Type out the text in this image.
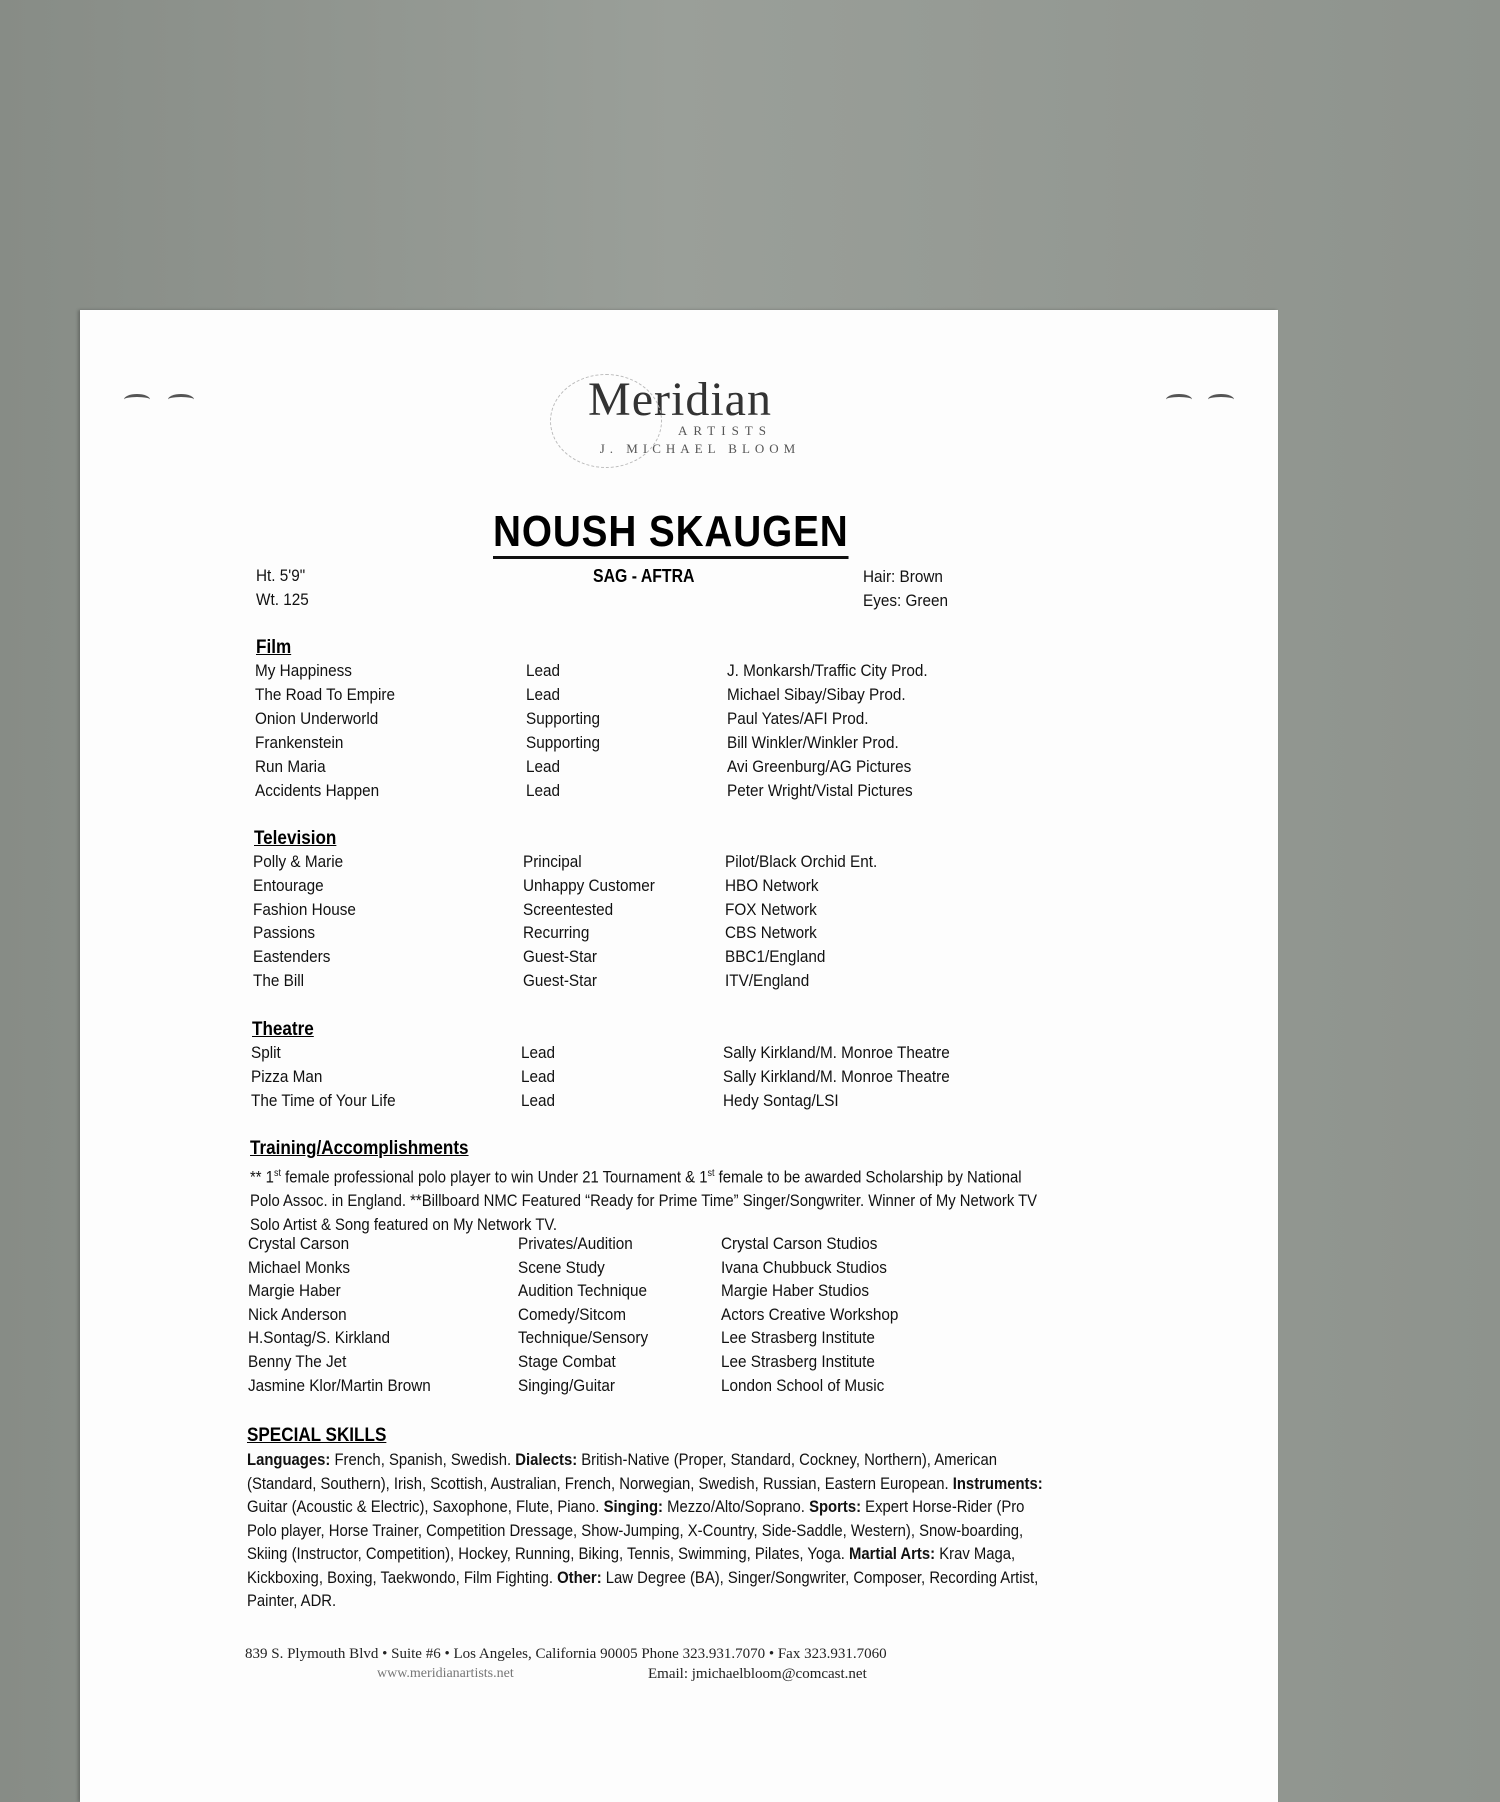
Meridian
ARTISTS
J. MICHAEL BLOOM
NOUSH SKAUGEN
SAG - AFTRA
Ht. 5'9"
Wt. 125
Hair: Brown
Eyes: Green
Film
My Happiness	Lead	J. Monkarsh/Traffic City Prod.
The Road To Empire	Lead	Michael Sibay/Sibay Prod.
Onion Underworld	Supporting	Paul Yates/AFI Prod.
Frankenstein	Supporting	Bill Winkler/Winkler Prod.
Run Maria	Lead	Avi Greenburg/AG Pictures
Accidents Happen	Lead	Peter Wright/Vistal Pictures
Television
Polly & Marie	Principal	Pilot/Black Orchid Ent.
Entourage	Unhappy Customer	HBO Network
Fashion House	Screentested	FOX Network
Passions	Recurring	CBS Network
Eastenders	Guest-Star	BBC1/England
The Bill	Guest-Star	ITV/England
Theatre
Split	Lead	Sally Kirkland/M. Monroe Theatre
Pizza Man	Lead	Sally Kirkland/M. Monroe Theatre
The Time of Your Life	Lead	Hedy Sontag/LSI
Training/Accomplishments
** 1st female professional polo player to win Under 21 Tournament & 1st female to be awarded Scholarship by National Polo Assoc. in England. **Billboard NMC Featured “Ready for Prime Time” Singer/Songwriter. Winner of My Network TV Solo Artist & Song featured on My Network TV.
Crystal Carson	Privates/Audition	Crystal Carson Studios
Michael Monks	Scene Study	Ivana Chubbuck Studios
Margie Haber	Audition Technique	Margie Haber Studios
Nick Anderson	Comedy/Sitcom	Actors Creative Workshop
H.Sontag/S. Kirkland	Technique/Sensory	Lee Strasberg Institute
Benny The Jet	Stage Combat	Lee Strasberg Institute
Jasmine Klor/Martin Brown	Singing/Guitar	London School of Music
SPECIAL SKILLS
Languages: French, Spanish, Swedish. Dialects: British-Native (Proper, Standard, Cockney, Northern), American (Standard, Southern), Irish, Scottish, Australian, French, Norwegian, Swedish, Russian, Eastern European. Instruments: Guitar (Acoustic & Electric), Saxophone, Flute, Piano. Singing: Mezzo/Alto/Soprano. Sports: Expert Horse-Rider (Pro Polo player, Horse Trainer, Competition Dressage, Show-Jumping, X-Country, Side-Saddle, Western), Snow-boarding, Skiing (Instructor, Competition), Hockey, Running, Biking, Tennis, Swimming, Pilates, Yoga. Martial Arts: Krav Maga, Kickboxing, Boxing, Taekwondo, Film Fighting. Other: Law Degree (BA), Singer/Songwriter, Composer, Recording Artist, Painter, ADR.
839 S. Plymouth Blvd • Suite #6 • Los Angeles, California 90005 Phone 323.931.7070 • Fax 323.931.7060
www.meridianartists.net	Email: jmichaelbloom@comcast.net
